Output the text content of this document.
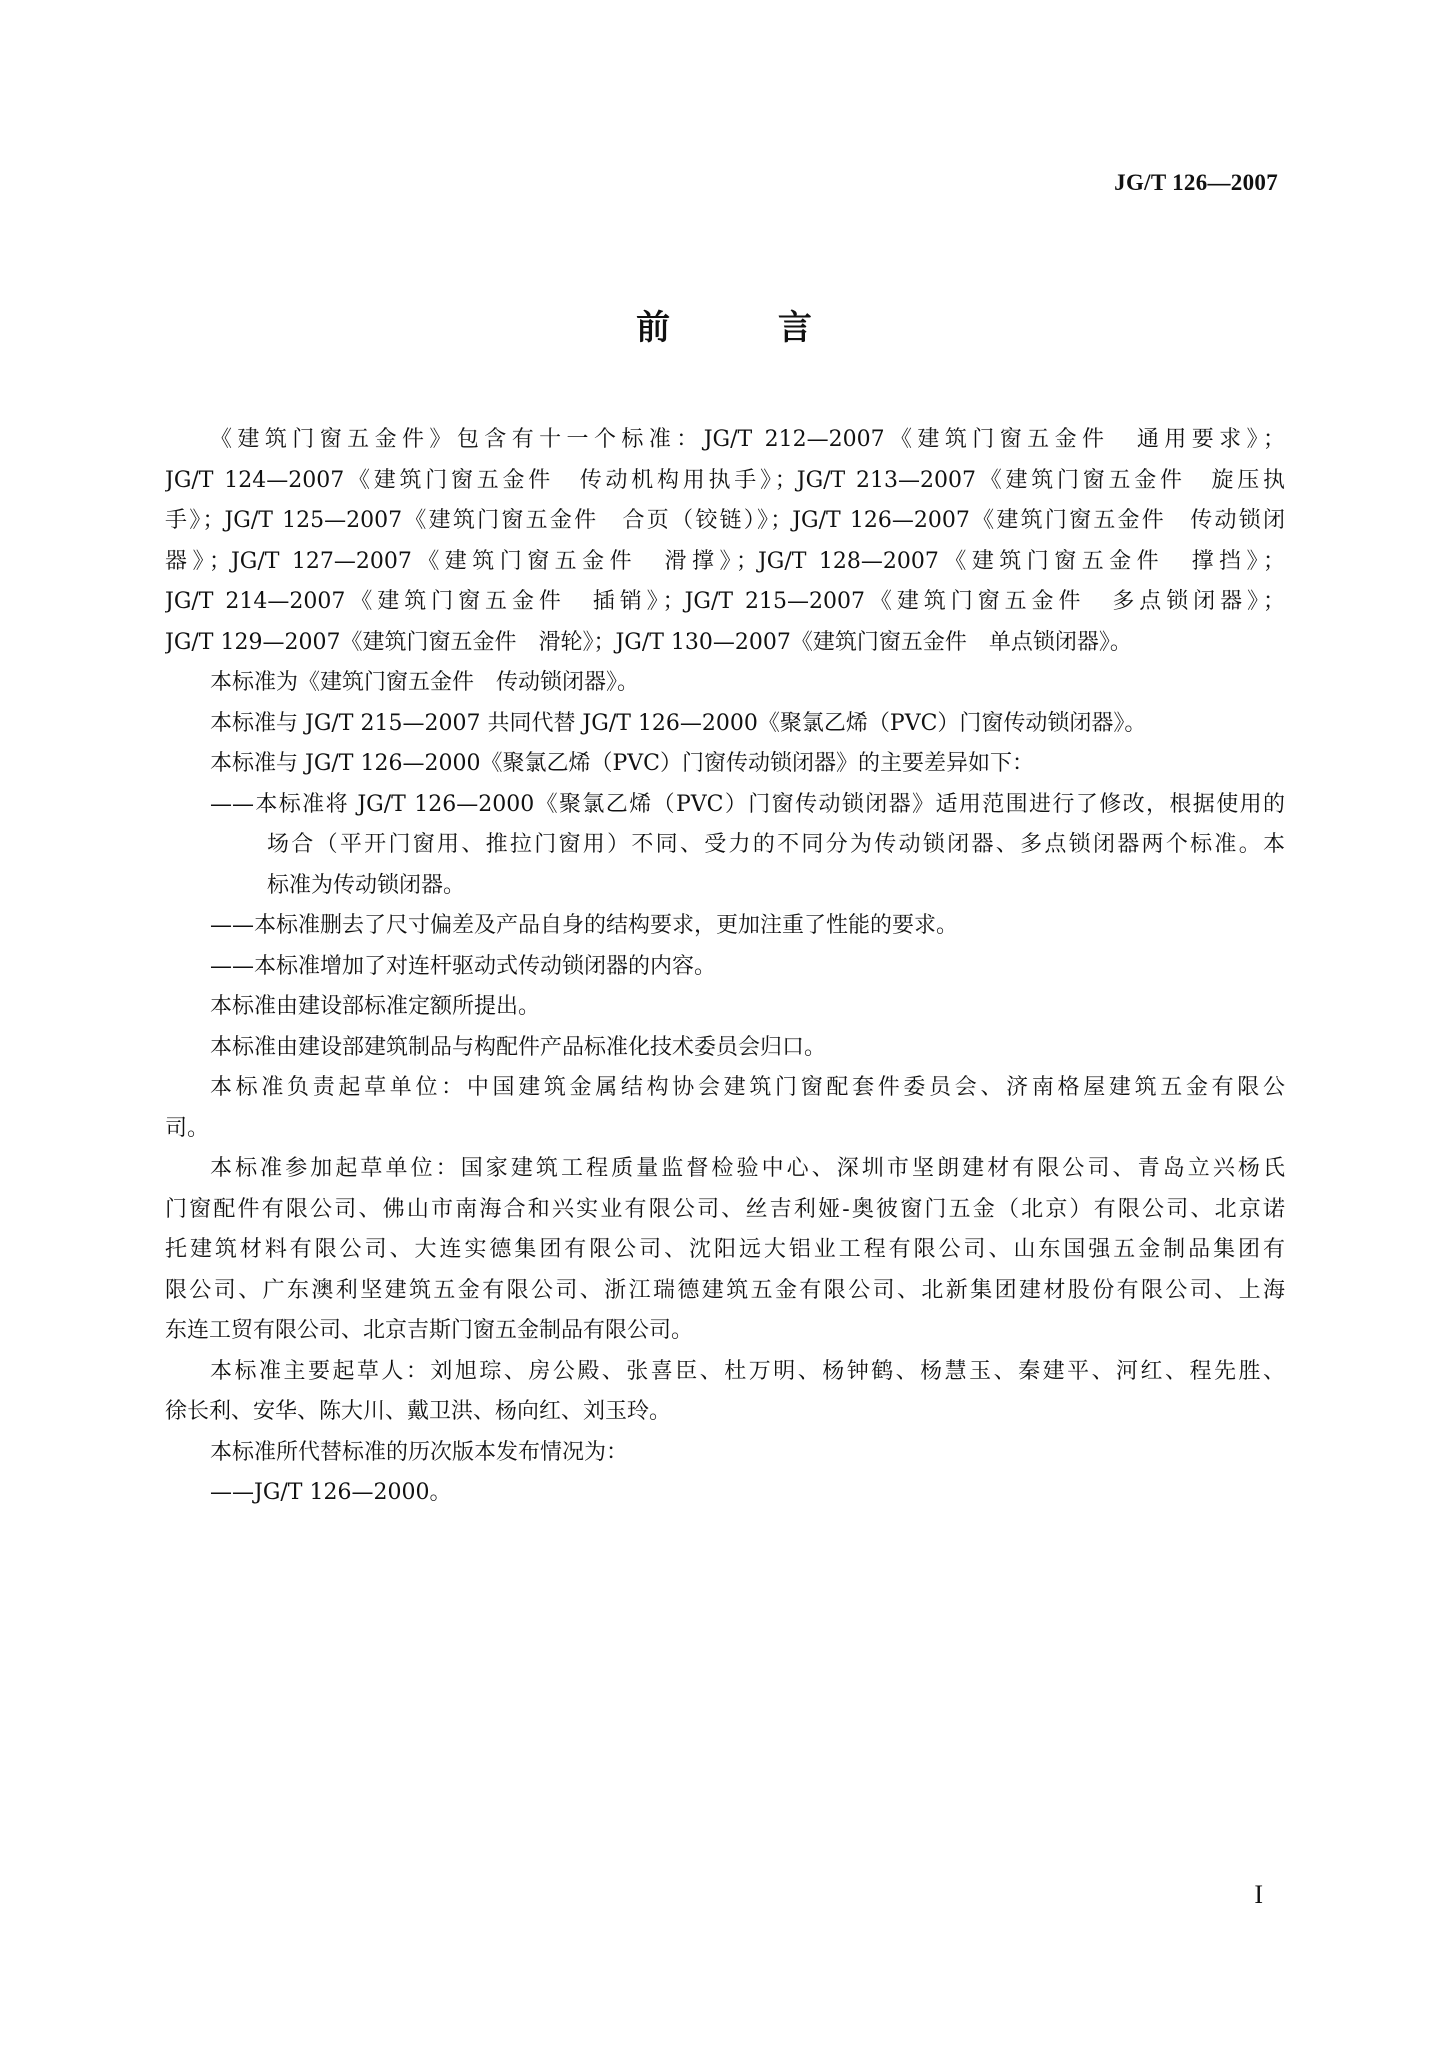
JG/T 126—2007
前 言
《建筑门窗五金件》包含有十一个标准：JG/T 212—2007《建筑门窗五金件　通用要求》；
JG/T 124—2007《建筑门窗五金件　传动机构用执手》；JG/T 213—2007《建筑门窗五金件　旋压执
手》；JG/T 125—2007《建筑门窗五金件　合页（铰链）》；JG/T 126—2007《建筑门窗五金件　传动锁闭
器》；JG/T 127—2007《建筑门窗五金件　滑撑》；JG/T 128—2007《建筑门窗五金件　撑挡》；
JG/T 214—2007《建筑门窗五金件　插销》；JG/T 215—2007《建筑门窗五金件　多点锁闭器》；
JG/T 129—2007《建筑门窗五金件　滑轮》；JG/T 130—2007《建筑门窗五金件　单点锁闭器》。
本标准为《建筑门窗五金件　传动锁闭器》。
本标准与 JG/T 215—2007 共同代替 JG/T 126—2000《聚氯乙烯（PVC）门窗传动锁闭器》。
本标准与 JG/T 126—2000《聚氯乙烯（PVC）门窗传动锁闭器》的主要差异如下：
——本标准将 JG/T 126—2000《聚氯乙烯（PVC）门窗传动锁闭器》适用范围进行了修改，根据使用的
场合（平开门窗用、推拉门窗用）不同、受力的不同分为传动锁闭器、多点锁闭器两个标准。本
标准为传动锁闭器。
——本标准删去了尺寸偏差及产品自身的结构要求，更加注重了性能的要求。
——本标准增加了对连杆驱动式传动锁闭器的内容。
本标准由建设部标准定额所提出。
本标准由建设部建筑制品与构配件产品标准化技术委员会归口。
本标准负责起草单位：中国建筑金属结构协会建筑门窗配套件委员会、济南格屋建筑五金有限公
司。
本标准参加起草单位：国家建筑工程质量监督检验中心、深圳市坚朗建材有限公司、青岛立兴杨氏
门窗配件有限公司、佛山市南海合和兴实业有限公司、丝吉利娅-奥彼窗门五金（北京）有限公司、北京诺
托建筑材料有限公司、大连实德集团有限公司、沈阳远大铝业工程有限公司、山东国强五金制品集团有
限公司、广东澳利坚建筑五金有限公司、浙江瑞德建筑五金有限公司、北新集团建材股份有限公司、上海
东连工贸有限公司、北京吉斯门窗五金制品有限公司。
本标准主要起草人：刘旭琮、房公殿、张喜臣、杜万明、杨钟鹤、杨慧玉、秦建平、河红、程先胜、
徐长利、安华、陈大川、戴卫洪、杨向红、刘玉玲。
本标准所代替标准的历次版本发布情况为：
——JG/T 126—2000。
I
